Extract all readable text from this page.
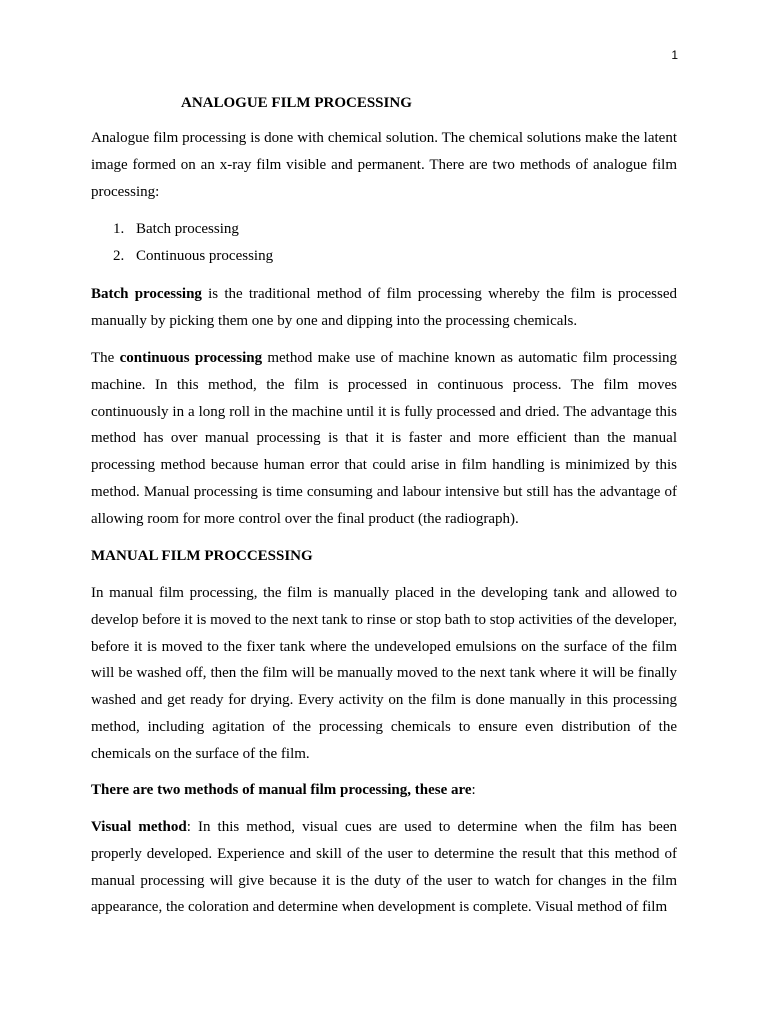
1
ANALOGUE FILM PROCESSING

Analogue film processing is done with chemical solution. The chemical solutions make the latent image formed on an x-ray film visible and permanent. There are two methods of analogue film processing:

1. Batch processing
2. Continuous processing

Batch processing is the traditional method of film processing whereby the film is processed manually by picking them one by one and dipping into the processing chemicals.

The continuous processing method make use of machine known as automatic film processing machine. In this method, the film is processed in continuous process. The film moves continuously in a long roll in the machine until it is fully processed and dried. The advantage this method has over manual processing is that it is faster and more efficient than the manual processing method because human error that could arise in film handling is minimized by this method. Manual processing is time consuming and labour intensive but still has the advantage of allowing room for more control over the final product (the radiograph).

MANUAL FILM PROCCESSING

In manual film processing, the film is manually placed in the developing tank and allowed to develop before it is moved to the next tank to rinse or stop bath to stop activities of the developer, before it is moved to the fixer tank where the undeveloped emulsions on the surface of the film will be washed off, then the film will be manually moved to the next tank where it will be finally washed and get ready for drying. Every activity on the film is done manually in this processing method, including agitation of the processing chemicals to ensure even distribution of the chemicals on the surface of the film.

There are two methods of manual film processing, these are:

Visual method: In this method, visual cues are used to determine when the film has been properly developed. Experience and skill of the user to determine the result that this method of manual processing will give because it is the duty of the user to watch for changes in the film appearance, the coloration and determine when development is complete. Visual method of film
